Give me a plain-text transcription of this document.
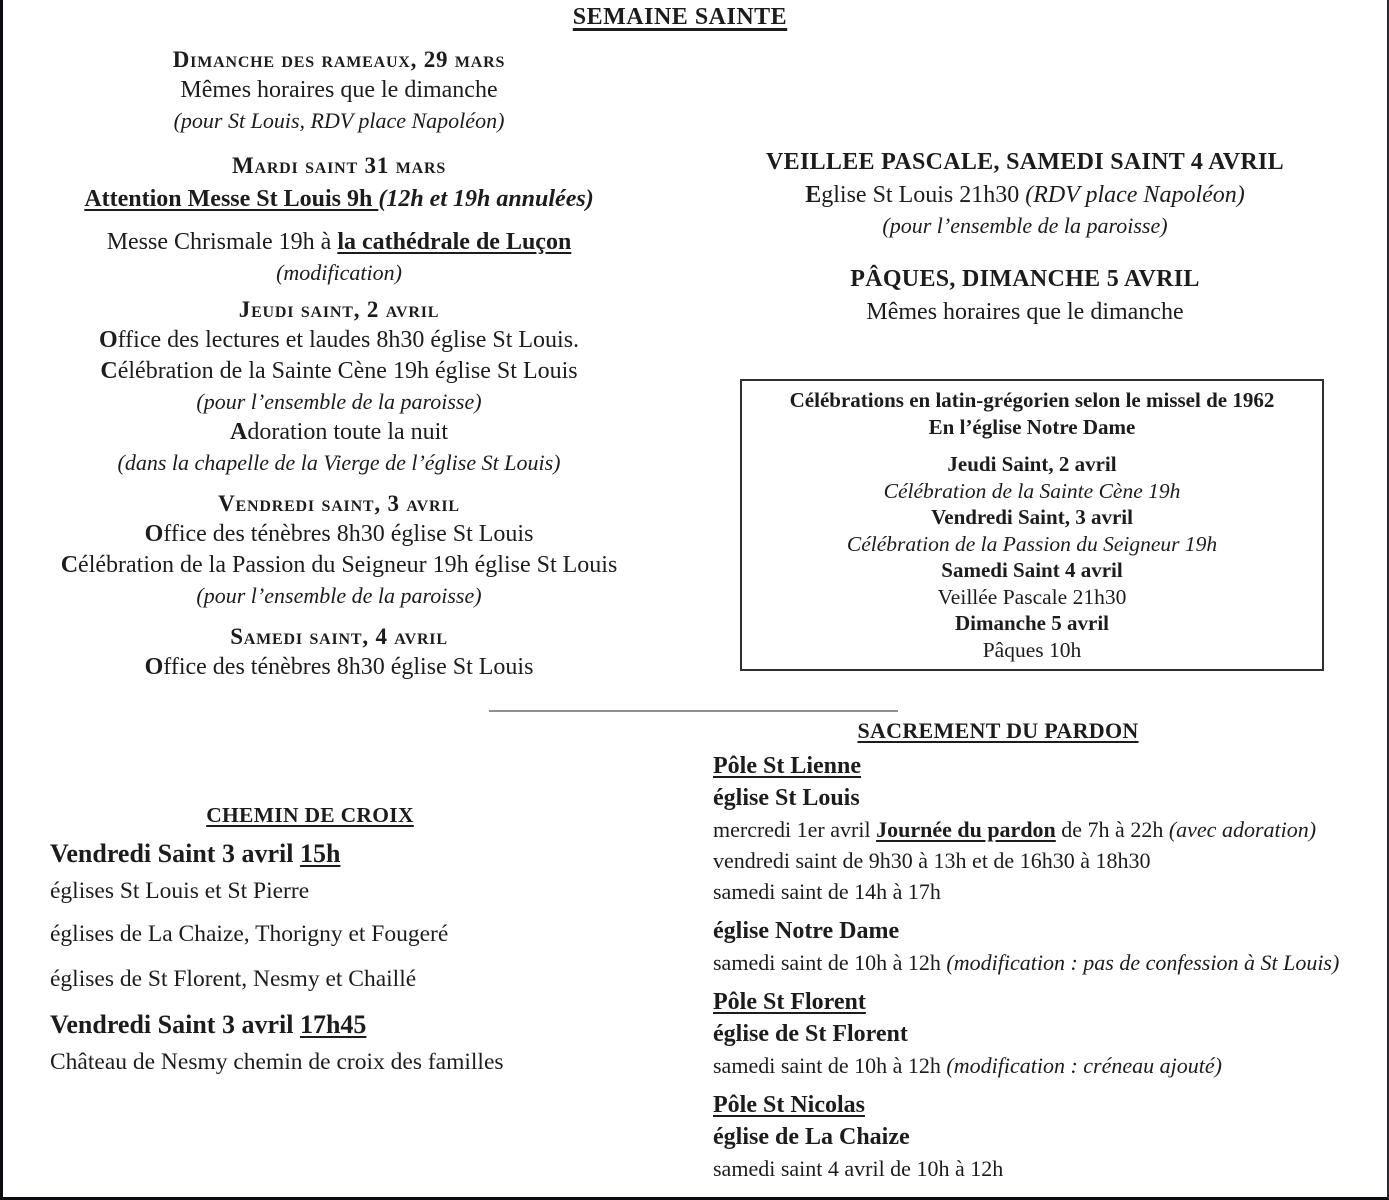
SEMAINE SAINTE
Dimanche des rameaux, 29 mars
Mêmes horaires que le dimanche
(pour St Louis, RDV place Napoléon)
Mardi saint 31 mars
Attention Messe St Louis 9h (12h et 19h annulées)
Messe Chrismale 19h à la cathédrale de Luçon
(modification)
Jeudi saint, 2 avril
Office des lectures et laudes 8h30 église St Louis.
Célébration de la Sainte Cène 19h église St Louis
(pour l’ensemble de la paroisse)
Adoration toute la nuit
(dans la chapelle de la Vierge de l’église St Louis)
Vendredi saint, 3 avril
Office des ténèbres 8h30 église St Louis
Célébration de la Passion du Seigneur 19h église St Louis
(pour l’ensemble de la paroisse)
Samedi saint, 4 avril
Office des ténèbres 8h30 église St Louis
VEILLEE PASCALE, SAMEDI SAINT 4 AVRIL
Eglise St Louis 21h30 (RDV place Napoléon)
(pour l’ensemble de la paroisse)
PÂQUES, DIMANCHE 5 AVRIL
Mêmes horaires que le dimanche
Célébrations en latin-grégorien selon le missel de 1962
En l’église Notre Dame
Jeudi Saint, 2 avril
Célébration de la Sainte Cène 19h
Vendredi Saint, 3 avril
Célébration de la Passion du Seigneur 19h
Samedi Saint 4 avril
Veillée Pascale 21h30
Dimanche 5 avril
Pâques 10h
CHEMIN DE CROIX
Vendredi Saint 3 avril 15h
églises St Louis et St Pierre
églises de La Chaize, Thorigny et Fougeré
églises de St Florent, Nesmy et Chaillé
Vendredi Saint 3 avril 17h45
Château de Nesmy chemin de croix des familles
SACREMENT DU PARDON
Pôle St Lienne
église St Louis
mercredi 1er avril Journée du pardon de 7h à 22h (avec adoration)
vendredi saint de 9h30 à 13h et de 16h30 à 18h30
samedi saint de 14h à 17h
église Notre Dame
samedi saint de 10h à 12h (modification : pas de confession à St Louis)
Pôle St Florent
église de St Florent
samedi saint de 10h à 12h (modification : créneau ajouté)
Pôle St Nicolas
église de La Chaize
samedi saint 4 avril de 10h à 12h
